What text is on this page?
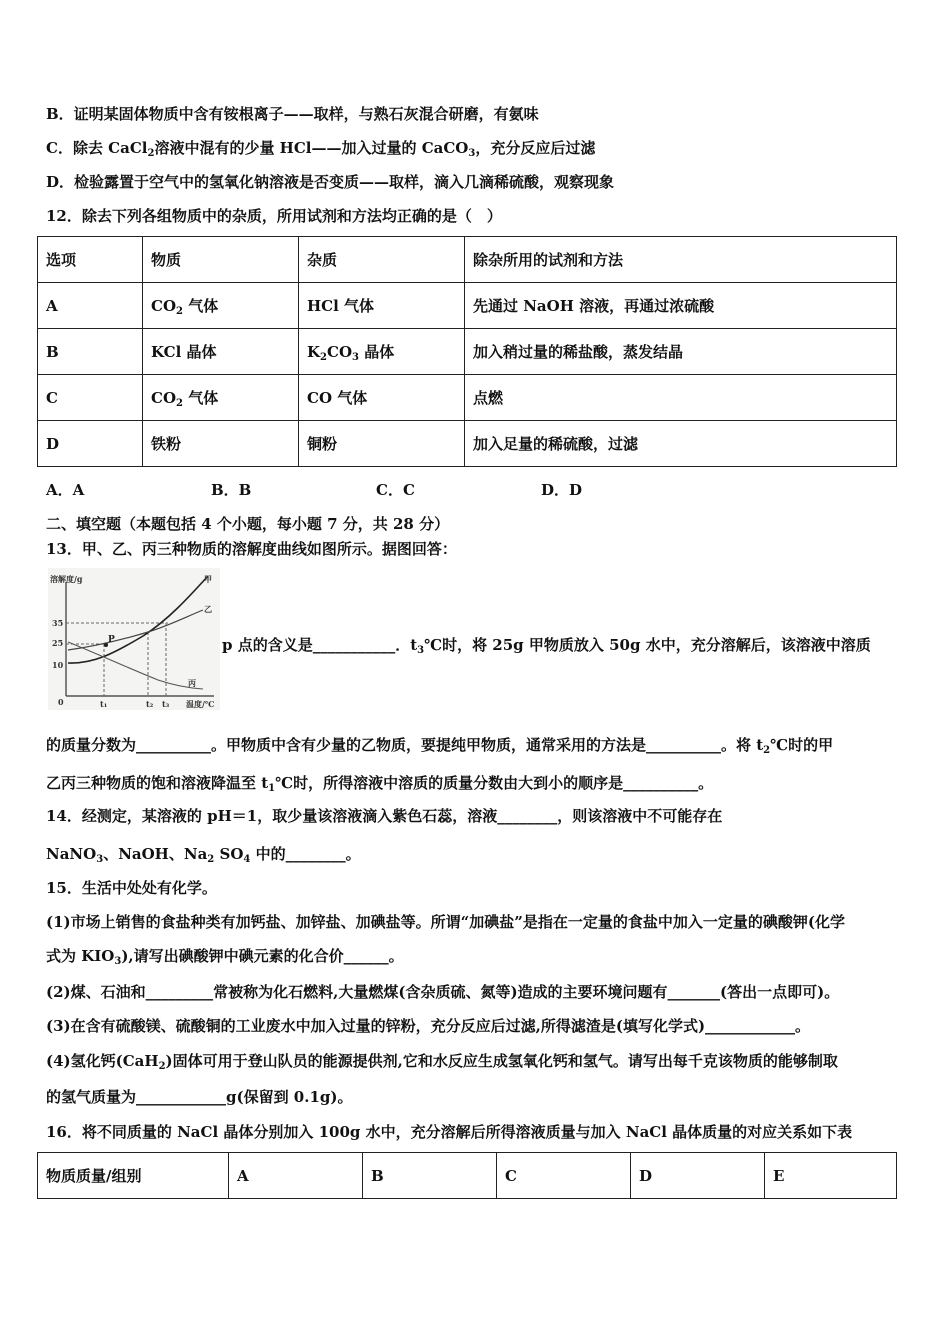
B．证明某固体物质中含有铵根离子——取样，与熟石灰混合研磨，有氨味
C．除去 CaCl$_2$溶液中混有的少量 HCl——加入过量的 CaCO$_3$，充分反应后过滤
D．检验露置于空气中的氢氧化钠溶液是否变质——取样，滴入几滴稀硫酸，观察现象
12．除去下列各组物质中的杂质，所用试剂和方法均正确的是（　）
选项	物质	杂质	除杂所用的试剂和方法
A	$CO_2$ 气体	HCl 气体	先通过 NaOH 溶液，再通过浓硫酸
B	KCl 晶体	$K_2CO_3$ 晶体	加入稍过量的稀盐酸，蒸发结晶
C	$CO_2$ 气体	CO 气体	点燃
D	铁粉	铜粉	加入足量的稀硫酸，过滤
A．A	B．B	C．C	D．D
二、填空题（本题包括 4 个小题，每小题 7 分，共 28 分）
13．甲、乙、丙三种物质的溶解度曲线如图所示。据图回答：
溶解度/g
35
25
10
0	t₁	t₂ t₃ 温度/℃
P
甲
乙
丙
p 点的含义是___________．$t_3℃$时，将 25g 甲物质放入 50g 水中，充分溶解后，该溶液中溶质
的质量分数为__________。甲物质中含有少量的乙物质，要提纯甲物质，通常采用的方法是__________。将 $t_2℃$时的甲
乙丙三种物质的饱和溶液降温至 $t_1℃$时，所得溶液中溶质的质量分数由大到小的顺序是__________。
14．经测定，某溶液的 pH＝1，取少量该溶液滴入紫色石蕊，溶液________，则该溶液中不可能存在
NaNO$_3$、NaOH、$Na_2$ $SO_4$ 中的________。
15．生活中处处有化学。
(1)市场上销售的食盐种类有加钙盐、加锌盐、加碘盐等。所谓“加碘盐”是指在一定量的食盐中加入一定量的碘酸钾(化学
式为 $KIO_3$),请写出碘酸钾中碘元素的化合价______。
(2)煤、石油和_________常被称为化石燃料,大量燃煤(含杂质硫、氮等)造成的主要环境问题有_______(答出一点即可)。
(3)在含有硫酸镁、硫酸铜的工业废水中加入过量的锌粉，充分反应后过滤,所得滤渣是(填写化学式)____________。
(4)氢化钙(CaH$_2$)固体可用于登山队员的能源提供剂,它和水反应生成氢氧化钙和氢气。请写出每千克该物质的能够制取
的氢气质量为____________g(保留到 0.1g)。
16．将不同质量的 NaCl 晶体分别加入 100g 水中，充分溶解后所得溶液质量与加入 NaCl 晶体质量的对应关系如下表
物质质量/组别	A	B	C	D	E
